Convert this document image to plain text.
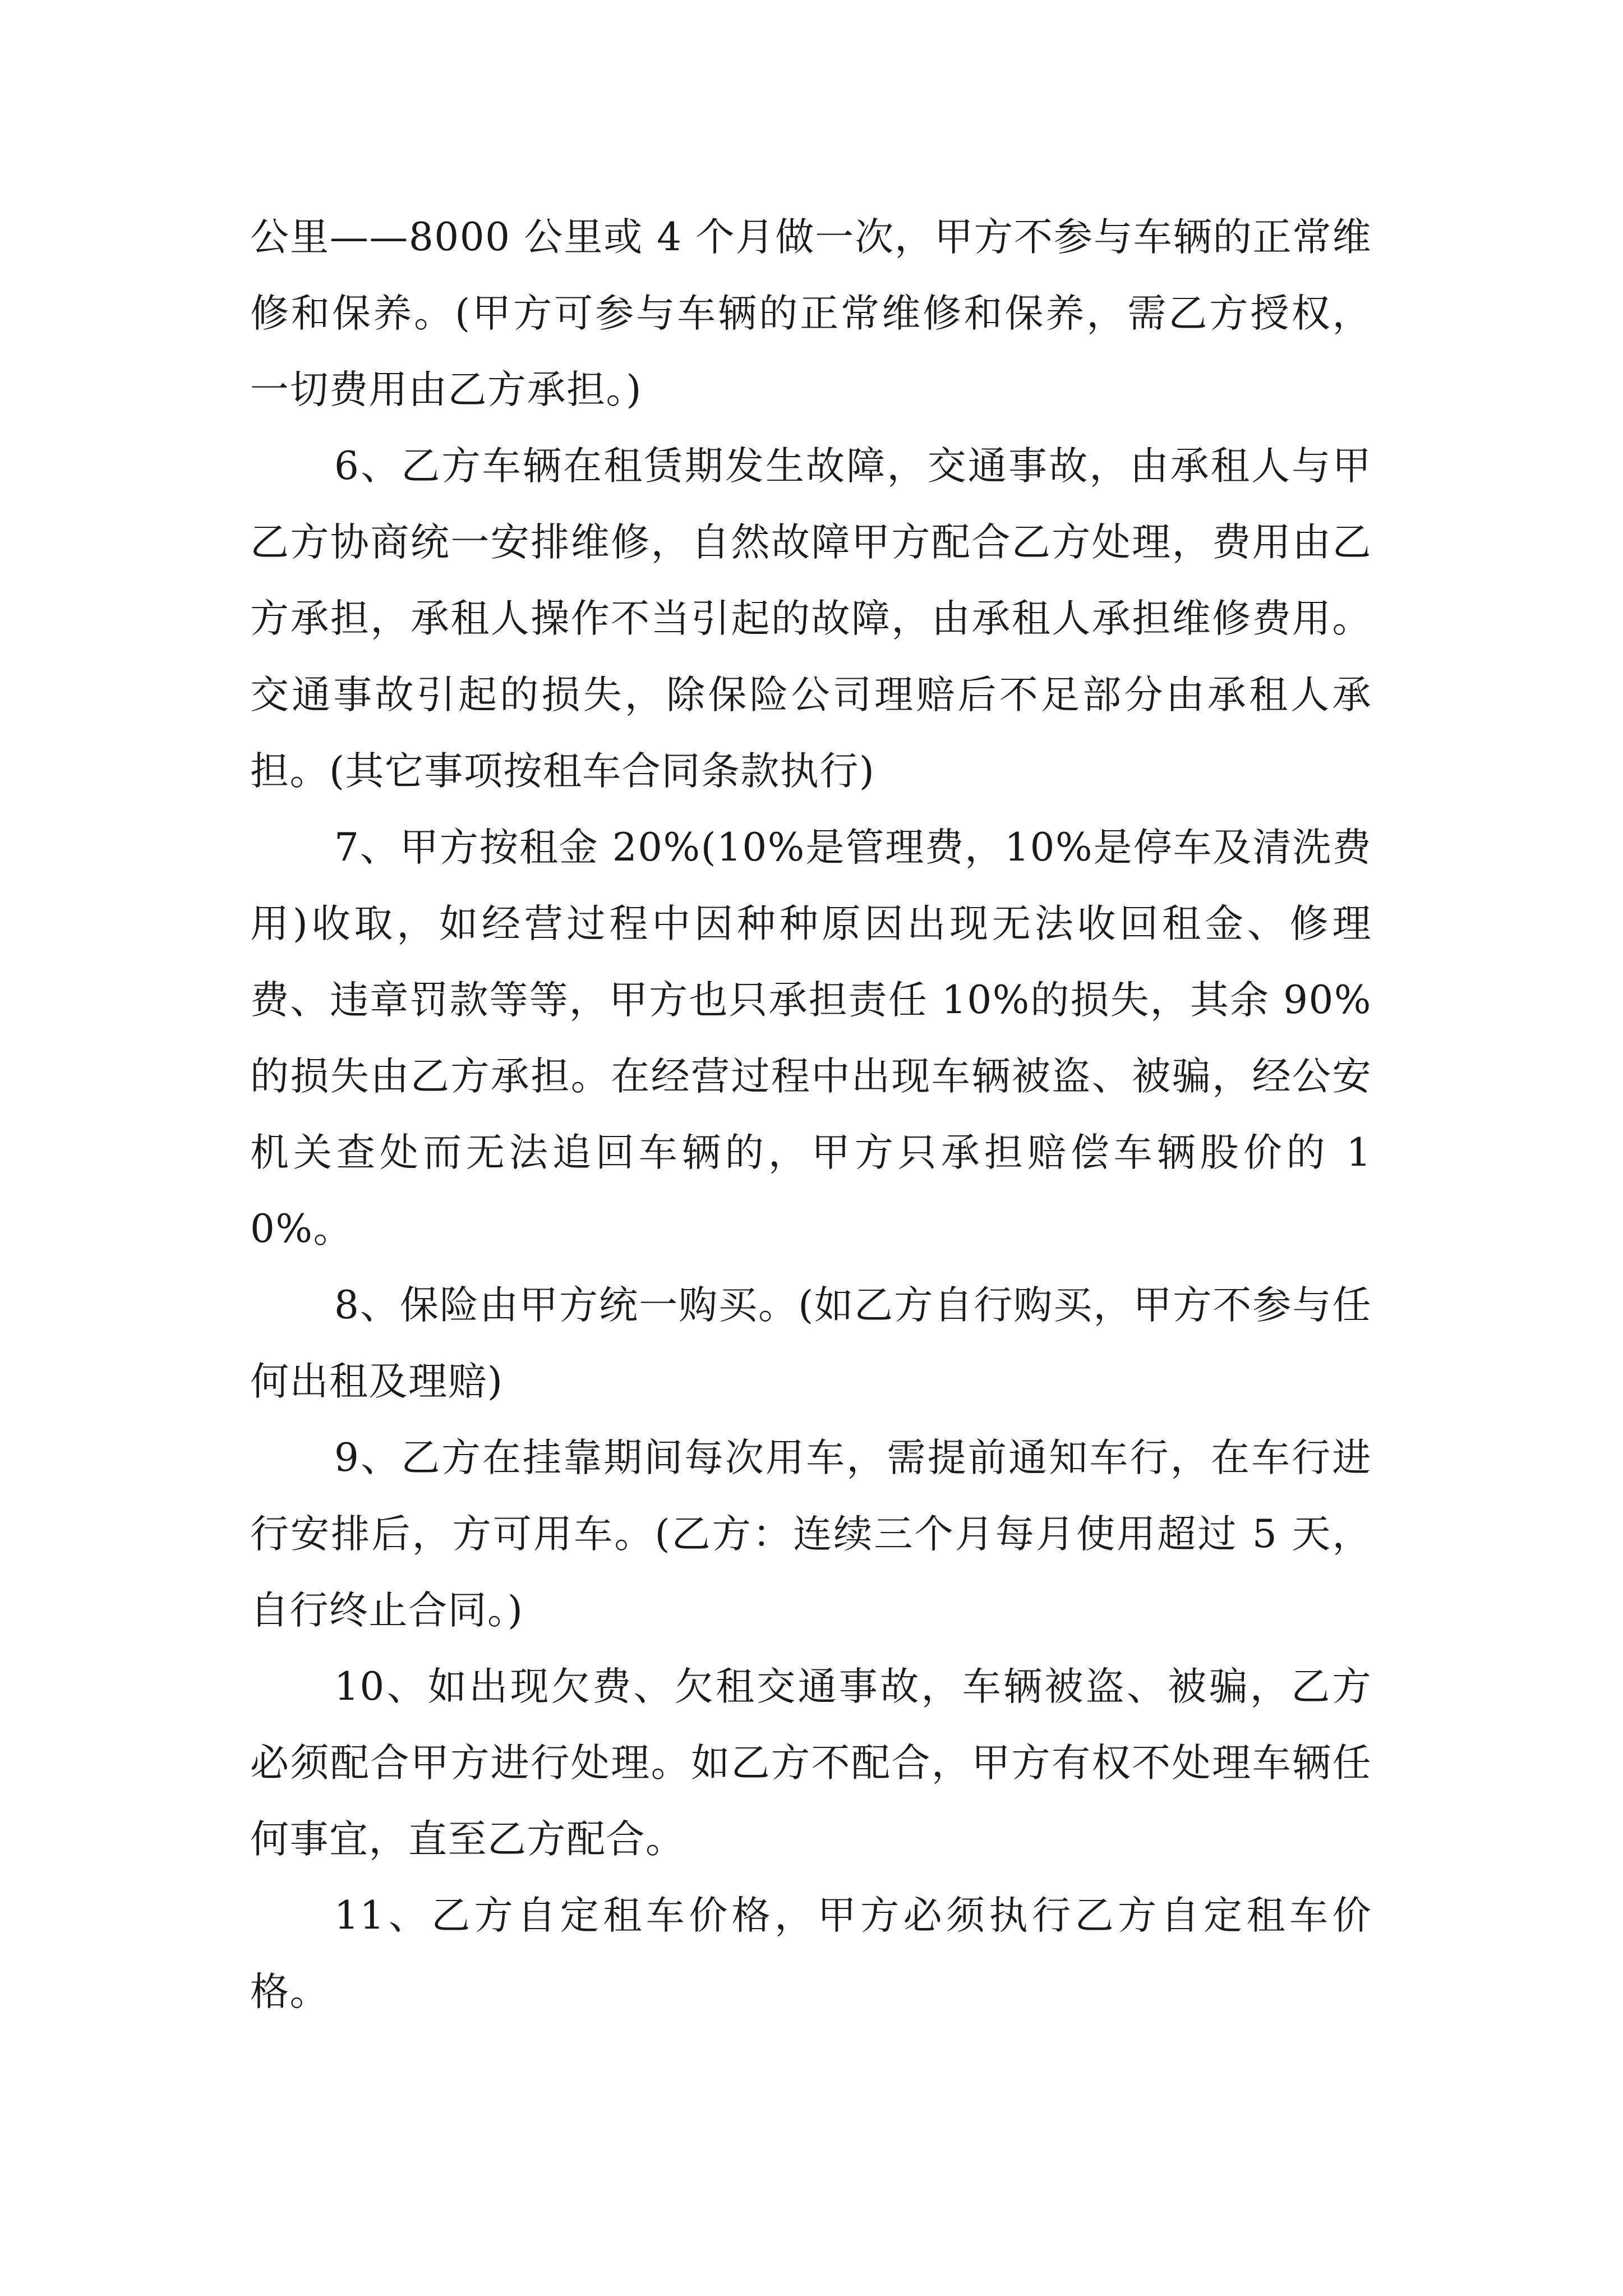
公里——8000 公里或 4 个月做一次，甲方不参与车辆的正常维修和保养。(甲方可参与车辆的正常维修和保养，需乙方授权，一切费用由乙方承担。)

6、乙方车辆在租赁期发生故障，交通事故，由承租人与甲乙方协商统一安排维修，自然故障甲方配合乙方处理，费用由乙方承担，承租人操作不当引起的故障，由承租人承担维修费用。交通事故引起的损失，除保险公司理赔后不足部分由承租人承担。(其它事项按租车合同条款执行)

7、甲方按租金 20%(10%是管理费，10%是停车及清洗费用)收取，如经营过程中因种种原因出现无法收回租金、修理费、违章罚款等等，甲方也只承担责任 10%的损失，其余 90%的损失由乙方承担。在经营过程中出现车辆被盗、被骗，经公安机关查处而无法追回车辆的，甲方只承担赔偿车辆股价的 10%。

8、保险由甲方统一购买。(如乙方自行购买，甲方不参与任何出租及理赔)

9、乙方在挂靠期间每次用车，需提前通知车行，在车行进行安排后，方可用车。(乙方：连续三个月每月使用超过 5 天，自行终止合同。)

10、如出现欠费、欠租交通事故，车辆被盗、被骗，乙方必须配合甲方进行处理。如乙方不配合，甲方有权不处理车辆任何事宜，直至乙方配合。

11、乙方自定租车价格，甲方必须执行乙方自定租车价格。
